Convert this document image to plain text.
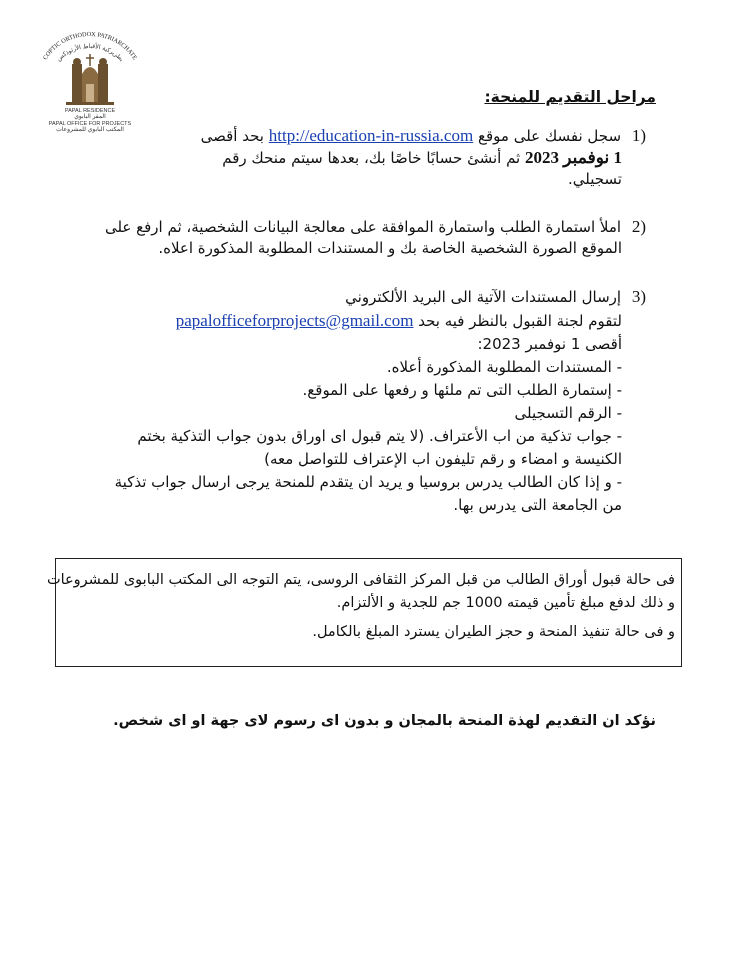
COPTIC ORTHODOX PATRIARCHATE
بطريركية الأقباط الأرثوذكس
PAPAL RESIDENCE
المقر البابوي
PAPAL OFFICE FOR PROJECTS
المكتب البابوي للمشروعات
مراحل التقديم للمنحة:
(1 سجل نفسك على موقع http://education-in-russia.com بحد أقصى
1 نوفمبر 2023 ثم أنشئ حسابًا خاصًا بك، بعدها سيتم منحك رقم
تسجيلي.
(2 املأ استمارة الطلب واستمارة الموافقة على معالجة البيانات الشخصية، ثم ارفع على
الموقع الصورة الشخصية الخاصة بك و المستندات المطلوبة المذكورة اعلاه.
(3 إرسال المستندات الآتية الى البريد الألكتروني
لتقوم لجنة القبول بالنظر فيه بحد papalofficeforprojects@gmail.com
أقصى 1 نوفمبر 2023:
- المستندات المطلوبة المذكورة أعلاه.
- إستمارة الطلب التى تم ملئها و رفعها على الموقع.
- الرقم التسجيلى
- جواب تذكية من اب الأعتراف. (لا يتم قبول اى اوراق بدون جواب التذكية بختم
الكنيسة و امضاء و رقم تليفون اب الإعتراف للتواصل معه)
- و إذا كان الطالب يدرس بروسيا و يريد ان يتقدم للمنحة يرجى ارسال جواب تذكية
من الجامعة التى يدرس بها.
فى حالة قبول أوراق الطالب من قبل المركز الثقافى الروسى، يتم التوجه الى المكتب البابوى للمشروعات
و ذلك لدفع مبلغ تأمين قيمته 1000 جم للجدية و الألتزام.
و فى حالة تنفيذ المنحة و حجز الطيران يسترد المبلغ بالكامل.
نؤكد ان التقديم لهذة المنحة بالمجان و بدون اى رسوم لاى جهة او اى شخص.
